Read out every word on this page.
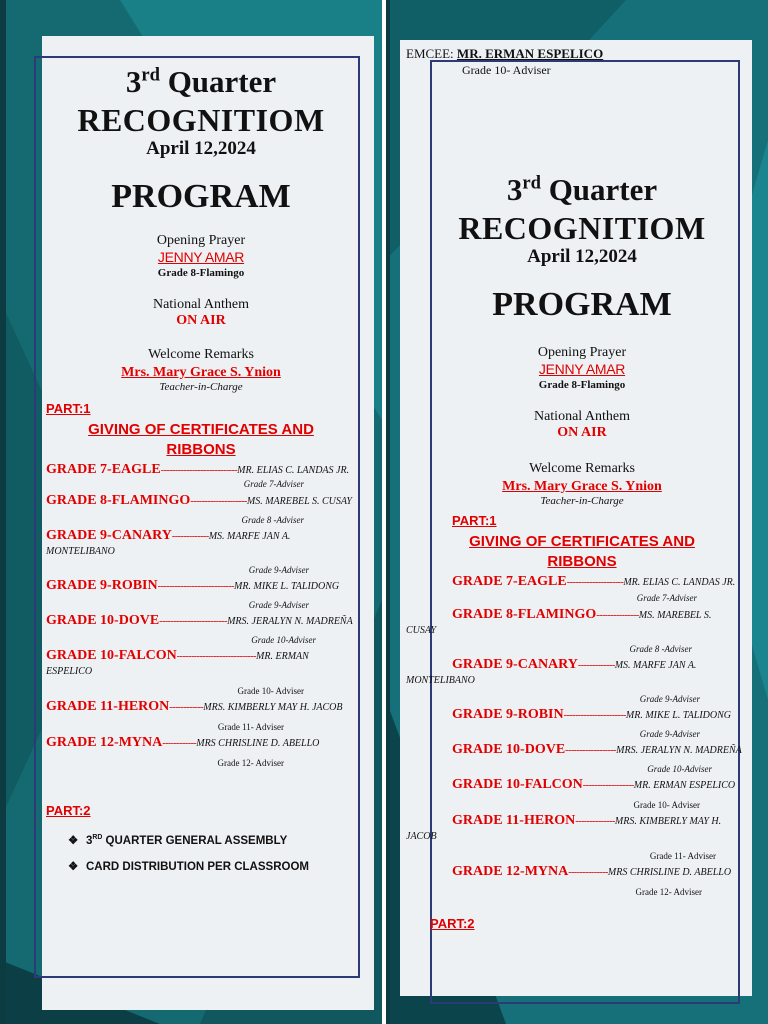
3rd Quarter
RECOGNITIOM
April 12,2024
PROGRAM
Opening Prayer
JENNY AMAR
Grade 8-Flamingo
National Anthem
ON AIR
Welcome Remarks
Mrs. Mary Grace S. Ynion
Teacher-in-Charge
PART:1
GIVING OF CERTIFICATES AND
RIBBONS
GRADE 7-EAGLE---------------------------MR. ELIAS C. LANDAS JR.
Grade 7-Adviser
GRADE 8-FLAMINGO--------------------MS. MAREBEL S. CUSAY
Grade 8 -Adviser
GRADE 9-CANARY-------------MS. MARFE JAN A. MONTELIBANO
Grade 9-Adviser
GRADE 9-ROBIN---------------------------MR. MIKE L. TALIDONG
Grade 9-Adviser
GRADE 10-DOVE------------------------MRS. JERALYN N. MADREÑA
Grade 10-Adviser
GRADE 10-FALCON----------------------------MR. ERMAN ESPELICO
Grade 10- Adviser
GRADE 11-HERON------------MRS. KIMBERLY MAY H. JACOB
Grade 11- Adviser
GRADE 12-MYNA------------MRS CHRISLINE D. ABELLO
Grade 12- Adviser
PART:2
❖ 3RD QUARTER GENERAL ASSEMBLY
❖ CARD DISTRIBUTION PER CLASSROOM
EMCEE: MR. ERMAN ESPELICO
Grade 10- Adviser
3rd Quarter
RECOGNITIOM
April 12,2024
PROGRAM
Opening Prayer
JENNY AMAR
Grade 8-Flamingo
National Anthem
ON AIR
Welcome Remarks
Mrs. Mary Grace S. Ynion
Teacher-in-Charge
PART:1
GIVING OF CERTIFICATES AND
RIBBONS
GRADE 7-EAGLE--------------------MR. ELIAS C. LANDAS JR.
Grade 7-Adviser
GRADE 8-FLAMINGO---------------MS. MAREBEL S. CUSAY
Grade 8 -Adviser
GRADE 9-CANARY-------------MS. MARFE JAN A. MONTELIBANO
Grade 9-Adviser
GRADE 9-ROBIN----------------------MR. MIKE L. TALIDONG
Grade 9-Adviser
GRADE 10-DOVE------------------MRS. JERALYN N. MADREÑA
Grade 10-Adviser
GRADE 10-FALCON------------------MR. ERMAN ESPELICO
Grade 10- Adviser
GRADE 11-HERON--------------MRS. KIMBERLY MAY H. JACOB
Grade 11- Adviser
GRADE 12-MYNA--------------MRS CHRISLINE D. ABELLO
Grade 12- Adviser
PART:2
